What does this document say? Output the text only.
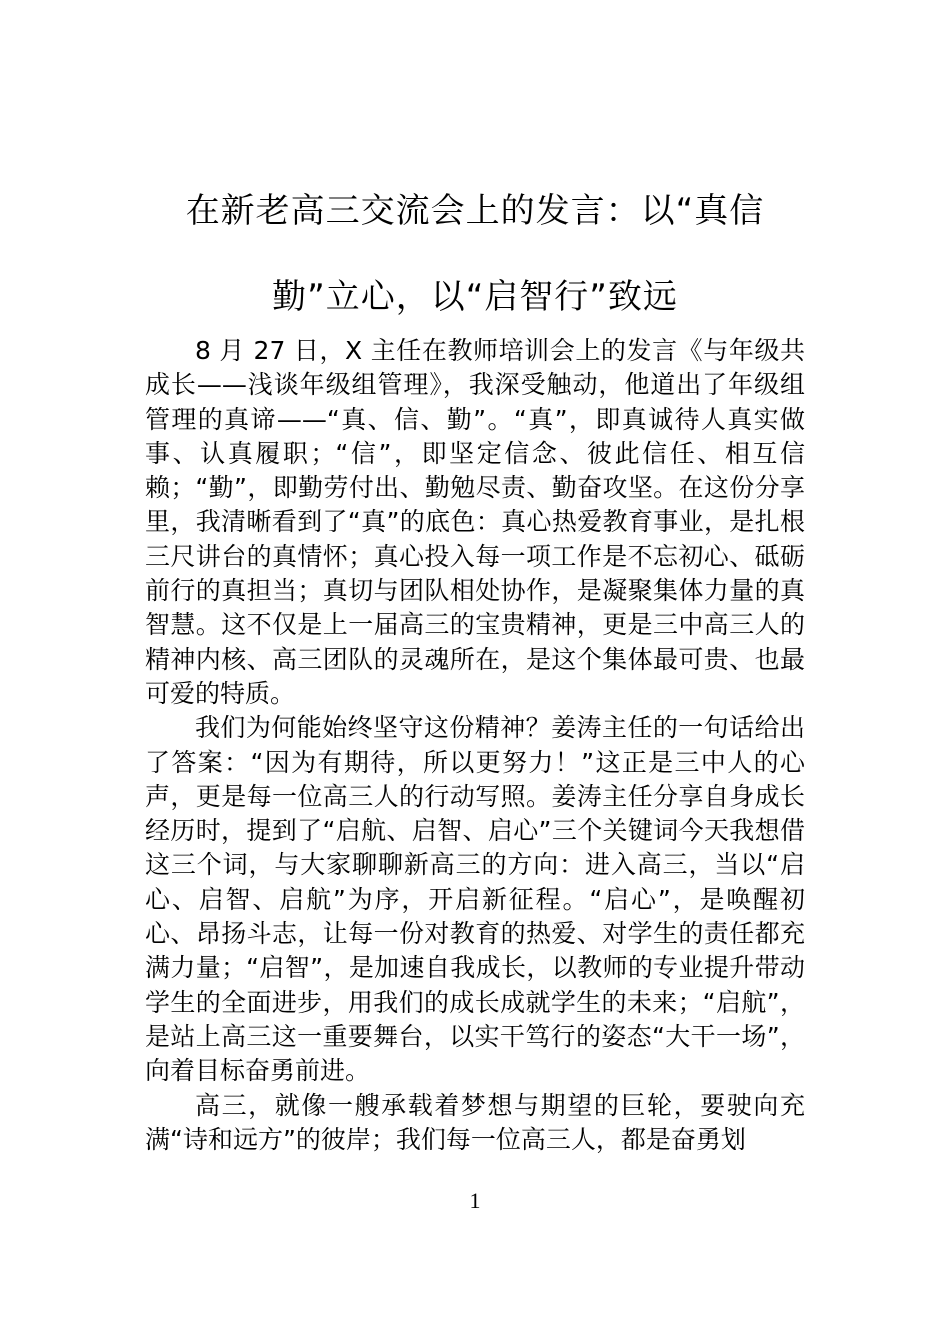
在新老高三交流会上的发言：以“真信勤”立心，以“启智行”致远

8 月 27 日，X 主任在教师培训会上的发言《与年级共成长——浅谈年级组管理》，我深受触动，他道出了年级组管理的真谛——“真、信、勤”。“真”，即真诚待人真实做事、认真履职；“信”，即坚定信念、彼此信任、相互信赖；“勤”，即勤劳付出、勤勉尽责、勤奋攻坚。在这份分享里，我清晰看到了“真”的底色：真心热爱教育事业，是扎根三尺讲台的真情怀；真心投入每一项工作是不忘初心、砥砺前行的真担当；真切与团队相处协作，是凝聚集体力量的真智慧。这不仅是上一届高三的宝贵精神，更是三中高三人的精神内核、高三团队的灵魂所在，是这个集体最可贵、也最可爱的特质。

我们为何能始终坚守这份精神？姜涛主任的一句话给出了答案：“因为有期待，所以更努力！”这正是三中人的心声，更是每一位高三人的行动写照。姜涛主任分享自身成长经历时，提到了“启航、启智、启心”三个关键词今天我想借这三个词，与大家聊聊新高三的方向：进入高三，当以“启心、启智、启航”为序，开启新征程。“启心”，是唤醒初心、昂扬斗志，让每一份对教育的热爱、对学生的责任都充满力量；“启智”，是加速自我成长，以教师的专业提升带动学生的全面进步，用我们的成长成就学生的未来；“启航”，是站上高三这一重要舞台，以实干笃行的姿态“大干一场”，向着目标奋勇前进。

高三，就像一艘承载着梦想与期望的巨轮，要驶向充满“诗和远方”的彼岸；我们每一位高三人，都是奋勇划

1
